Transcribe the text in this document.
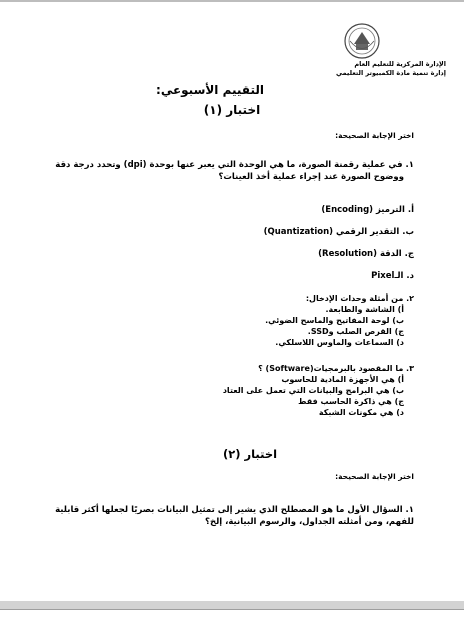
الإدارة المركزية للتعليم العام
إدارة تنمية مادة الكمبيوتر التعليمي
التقييم الأسبوعي:
اختبار (١)
اختر الإجابة الصحيحة:
١. في عملية رقمنة الصورة، ما هي الوحدة التي يعبر عنها بوحدة (dpi) وتحدد درجة دقة
ووضوح الصورة عند إجراء عملية أخذ العينات؟
أ. الترميز (Encoding)
ب. التقدير الرقمي (Quantization)
ج. الدقة (Resolution)
د. الـPixel
٢. من أمثلة وحدات الإدخال:
أ) الشاشة والطابعة.
ب) لوحة المفاتيح والماسح الضوئي.
ج) القرص الصلب وSSD.
د) السماعات والماوس اللاسلكي.
٣. ما المقصود بالبرمجيات(Software) ؟
أ) هي الأجهزة المادية للحاسوب
ب) هي البرامج والبيانات التي تعمل على العتاد
ج) هي ذاكرة الحاسب فقط
د) هي مكونات الشبكة
اختبار (٢)
اختر الإجابة الصحيحة:
١. السؤال الأول ما هو المصطلح الذي يشير إلى تمثيل البيانات بصريًا لجعلها أكثر قابلية
للفهم، ومن أمثلته الجداول، والرسوم البيانية، إلخ؟
